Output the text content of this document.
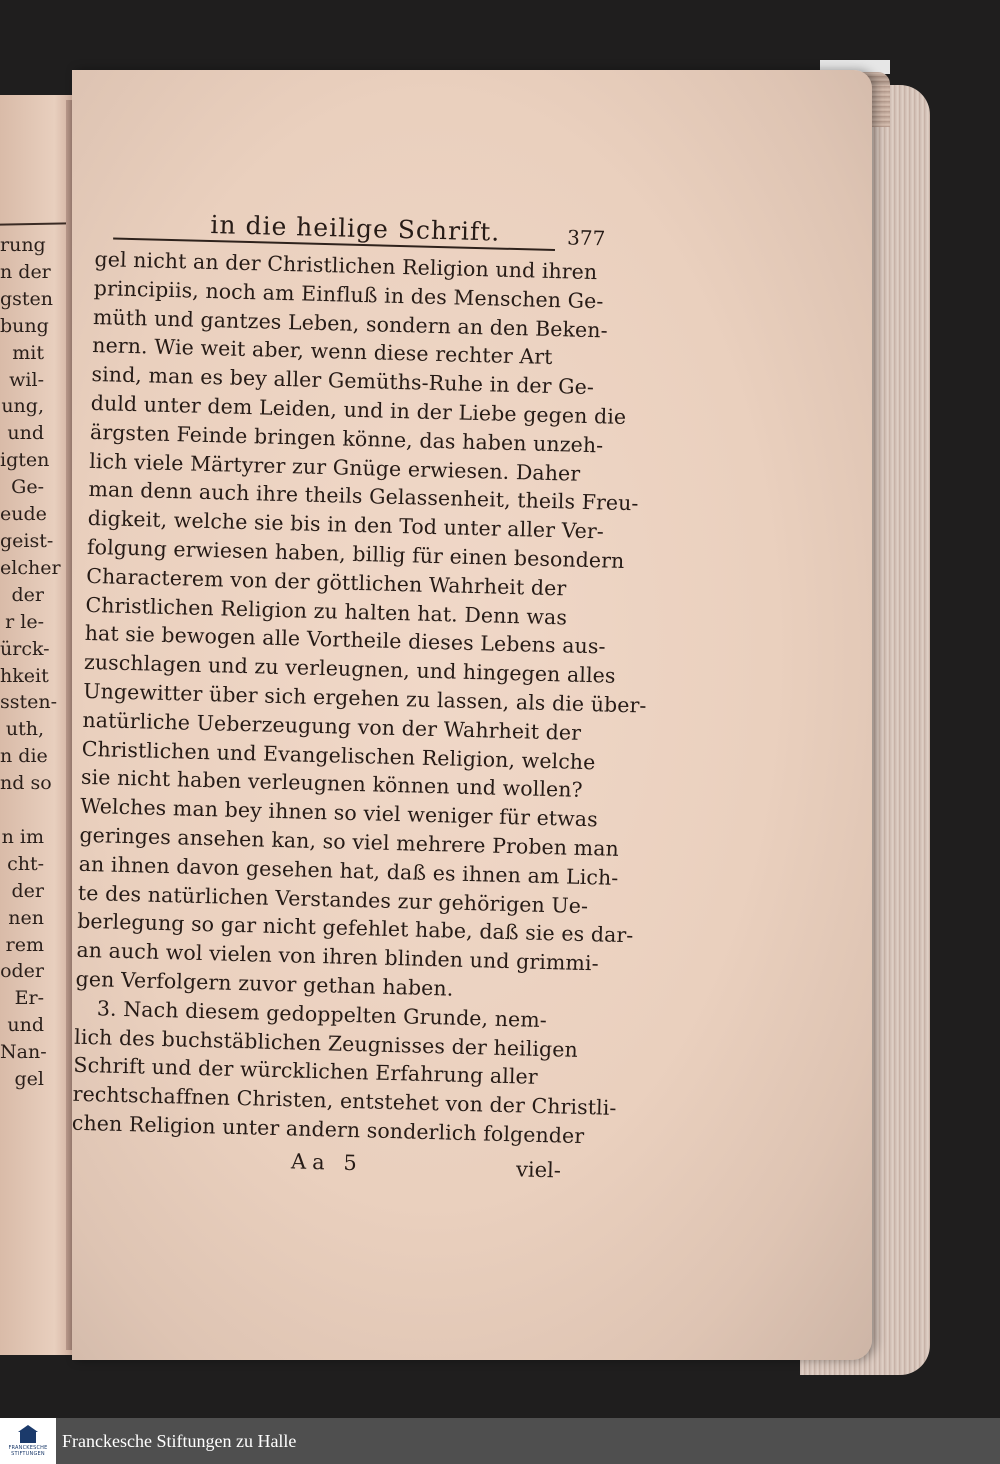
rung
n der
gsten
bung
mit
wil-
ung,
und
igten
Ge-
eude
geist-
elcher
der
r le-
ürck-
hkeit
ssten-
uth,
n die
nd so

n im
cht-
der
nen
rem
oder
Er-
und
Nan-
gel
in die heilige Schrift.	377
gel nicht an der Christlichen Religion und ihren
principiis, noch am Einfluß in des Menschen Ge-
müth und gantzes Leben, sondern an den Beken-
nern. Wie weit aber, wenn diese rechter Art
sind, man es bey aller Gemüths-Ruhe in der Ge-
duld unter dem Leiden, und in der Liebe gegen die
ärgsten Feinde bringen könne, das haben unzeh-
lich viele Märtyrer zur Gnüge erwiesen. Daher
man denn auch ihre theils Gelassenheit, theils Freu-
digkeit, welche sie bis in den Tod unter aller Ver-
folgung erwiesen haben, billig für einen besondern
Characterem von der göttlichen Wahrheit der
Christlichen Religion zu halten hat. Denn was
hat sie bewogen alle Vortheile dieses Lebens aus-
zuschlagen und zu verleugnen, und hingegen alles
Ungewitter über sich ergehen zu lassen, als die über-
natürliche Ueberzeugung von der Wahrheit der
Christlichen und Evangelischen Religion, welche
sie nicht haben verleugnen können und wollen?
Welches man bey ihnen so viel weniger für etwas
geringes ansehen kan, so viel mehrere Proben man
an ihnen davon gesehen hat, daß es ihnen am Lich-
te des natürlichen Verstandes zur gehörigen Ue-
berlegung so gar nicht gefehlet habe, daß sie es dar-
an auch wol vielen von ihren blinden und grimmi-
gen Verfolgern zuvor gethan haben.
3. Nach diesem gedoppelten Grunde, nem-
lich des buchstäblichen Zeugnisses der heiligen
Schrift und der würcklichen Erfahrung aller
rechtschaffnen Christen, entstehet von der Christli-
chen Religion unter andern sonderlich folgender
Aa 5	viel-
FRANCKESCHE
STIFTUNGEN
Franckesche Stiftungen zu Halle
